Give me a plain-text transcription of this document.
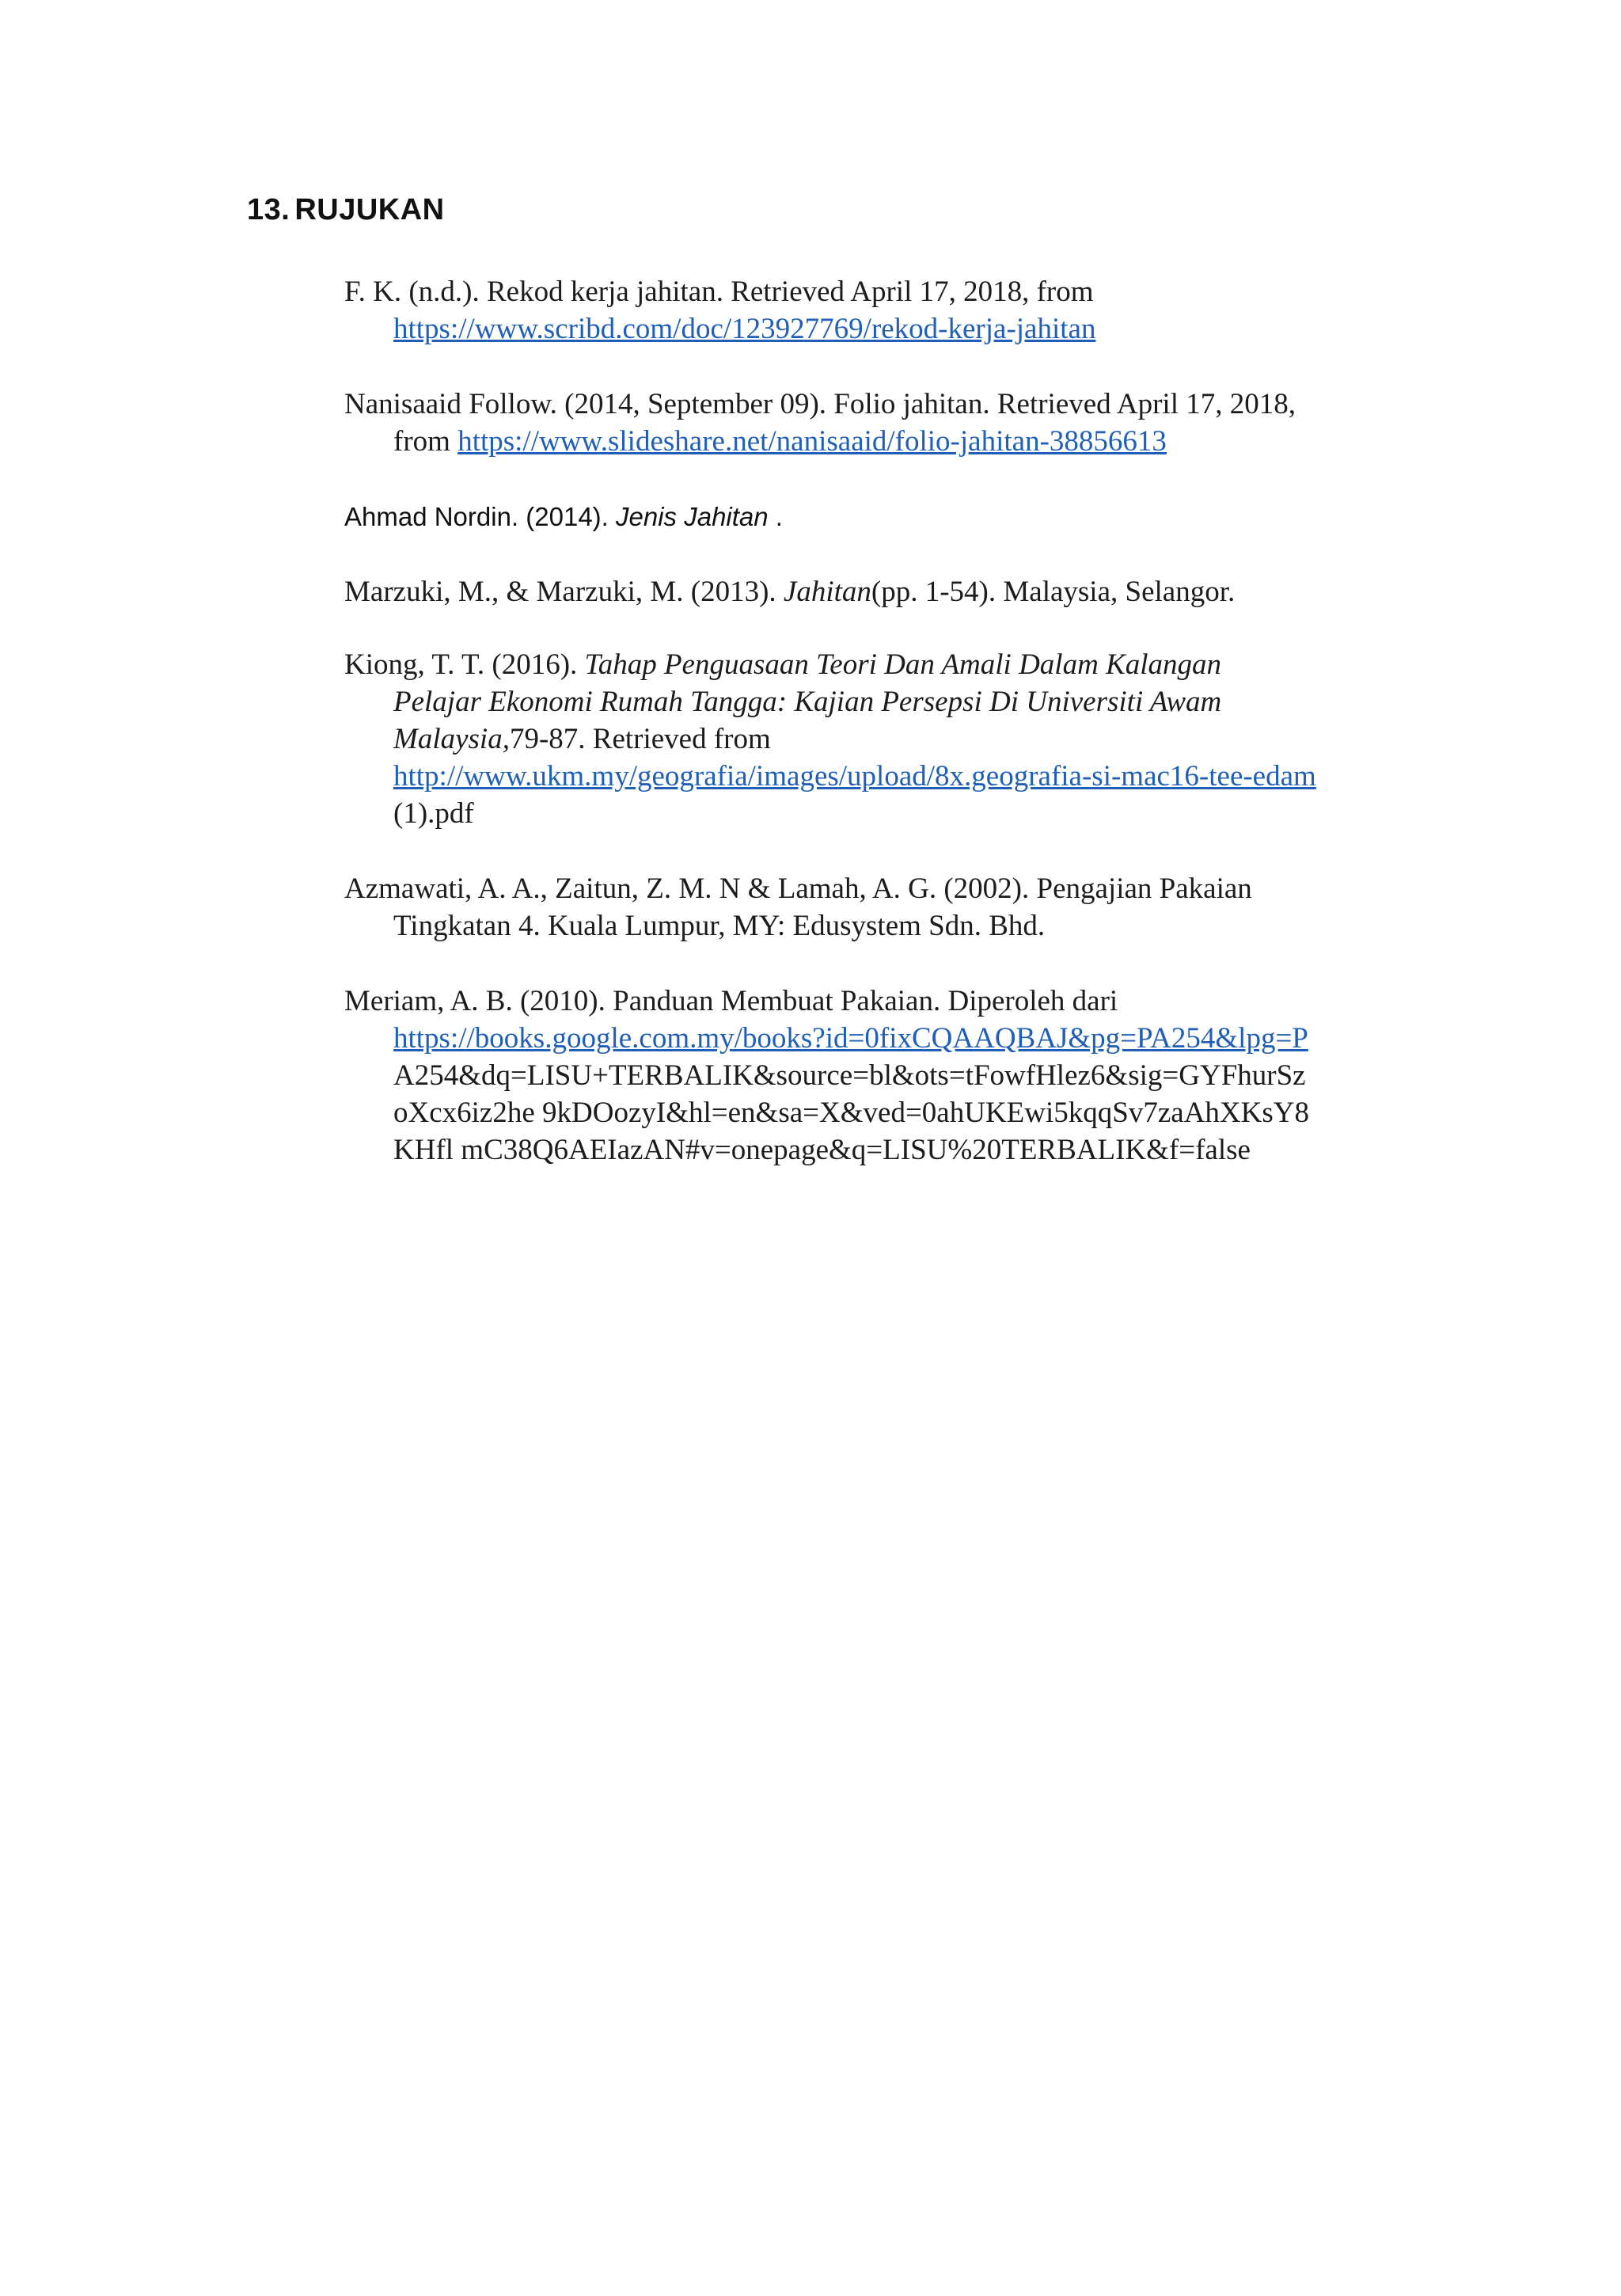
13. RUJUKAN

F. K. (n.d.). Rekod kerja jahitan. Retrieved April 17, 2018, from
https://www.scribd.com/doc/123927769/rekod-kerja-jahitan

Nanisaaid Follow. (2014, September 09). Folio jahitan. Retrieved April 17, 2018,
from https://www.slideshare.net/nanisaaid/folio-jahitan-38856613

Ahmad Nordin. (2014). Jenis Jahitan .

Marzuki, M., & Marzuki, M. (2013). Jahitan(pp. 1-54). Malaysia, Selangor.

Kiong, T. T. (2016). Tahap Penguasaan Teori Dan Amali Dalam Kalangan
Pelajar Ekonomi Rumah Tangga: Kajian Persepsi Di Universiti Awam
Malaysia,79-87. Retrieved from
http://www.ukm.my/geografia/images/upload/8x.geografia-si-mac16-tee-edam
(1).pdf

Azmawati, A. A., Zaitun, Z. M. N & Lamah, A. G. (2002). Pengajian Pakaian
Tingkatan 4. Kuala Lumpur, MY: Edusystem Sdn. Bhd.

Meriam, A. B. (2010). Panduan Membuat Pakaian. Diperoleh dari
https://books.google.com.my/books?id=0fixCQAAQBAJ&pg=PA254&lpg=P
A254&dq=LISU+TERBALIK&source=bl&ots=tFowfHlez6&sig=GYFhurSz
oXcx6iz2he 9kDOozyI&hl=en&sa=X&ved=0ahUKEwi5kqqSv7zaAhXKsY8
KHfl mC38Q6AEIazAN#v=onepage&q=LISU%20TERBALIK&f=false
